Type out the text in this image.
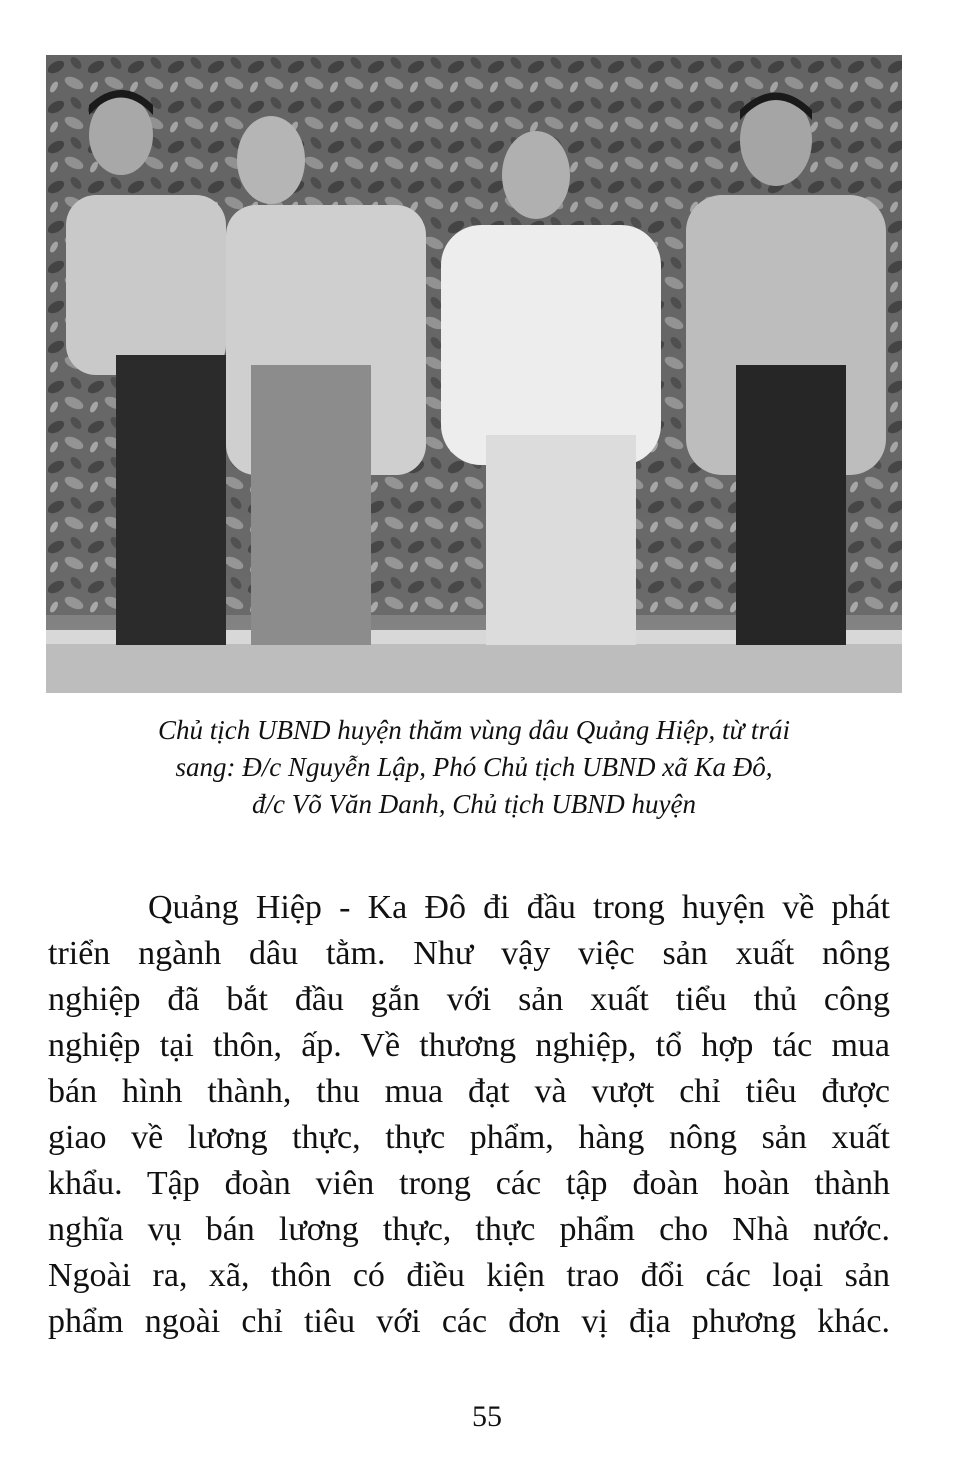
Chủ tịch UBND huyện thăm vùng dâu Quảng Hiệp, từ trái
sang: Đ/c Nguyễn Lập, Phó Chủ tịch UBND xã Ka Đô,
đ/c Võ Văn Danh, Chủ tịch UBND huyện
Quảng Hiệp - Ka Đô đi đầu trong huyện về phát
triển ngành dâu tằm. Như vậy việc sản xuất nông
nghiệp đã bắt đầu gắn với sản xuất tiểu thủ công
nghiệp tại thôn, ấp. Về thương nghiệp, tổ hợp tác mua
bán hình thành, thu mua đạt và vượt chỉ tiêu được
giao về lương thực, thực phẩm, hàng nông sản xuất
khẩu. Tập đoàn viên trong các tập đoàn hoàn thành
nghĩa vụ bán lương thực, thực phẩm cho Nhà nước.
Ngoài ra, xã, thôn có điều kiện trao đổi các loại sản
phẩm ngoài chỉ tiêu với các đơn vị địa phương khác.
55
